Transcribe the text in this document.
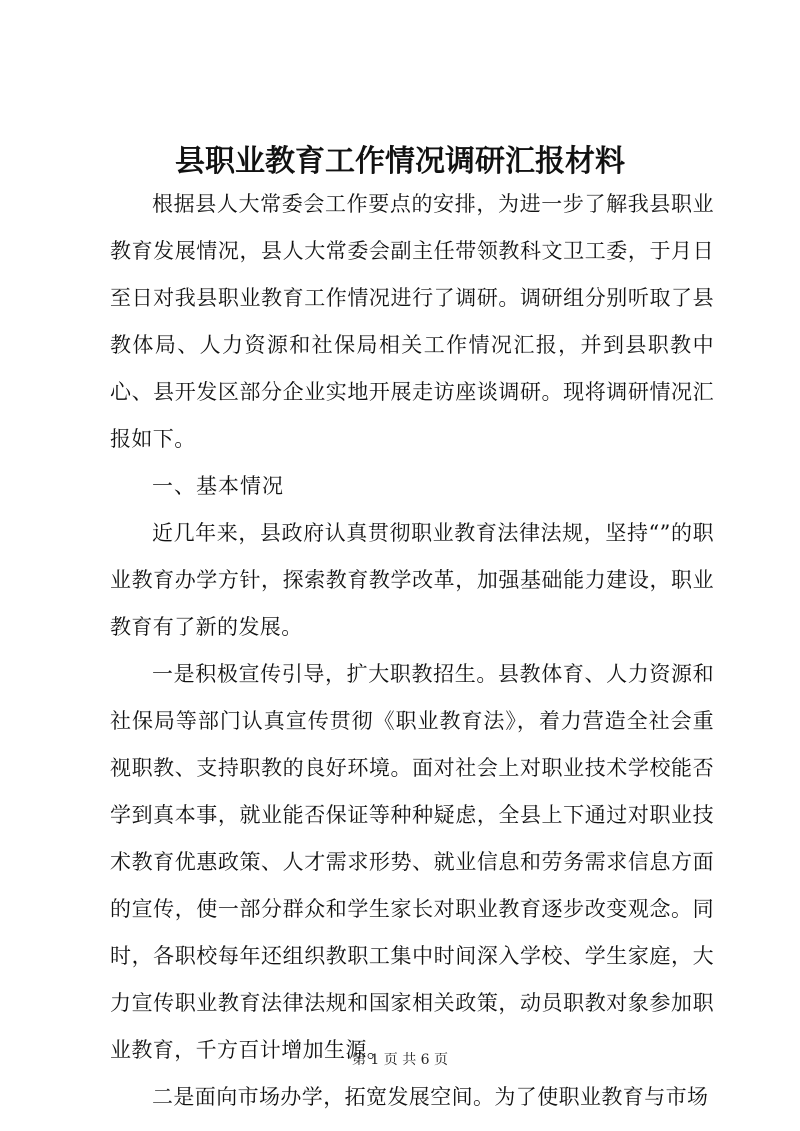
县职业教育工作情况调研汇报材料

根据县人大常委会工作要点的安排，为进一步了解我县职业教育发展情况，县人大常委会副主任带领教科文卫工委，于月日至日对我县职业教育工作情况进行了调研。调研组分别听取了县教体局、人力资源和社保局相关工作情况汇报，并到县职教中心、县开发区部分企业实地开展走访座谈调研。现将调研情况汇报如下。

一、基本情况

近几年来，县政府认真贯彻职业教育法律法规，坚持“”的职业教育办学方针，探索教育教学改革，加强基础能力建设，职业教育有了新的发展。

一是积极宣传引导，扩大职教招生。县教体育、人力资源和社保局等部门认真宣传贯彻《职业教育法》，着力营造全社会重视职教、支持职教的良好环境。面对社会上对职业技术学校能否学到真本事，就业能否保证等种种疑虑，全县上下通过对职业技术教育优惠政策、人才需求形势、就业信息和劳务需求信息方面的宣传，使一部分群众和学生家长对职业教育逐步改变观念。同时，各职校每年还组织教职工集中时间深入学校、学生家庭，大力宣传职业教育法律法规和国家相关政策，动员职教对象参加职业教育，千方百计增加生源。

二是面向市场办学，拓宽发展空间。为了使职业教育与市场

第 1 页 共 6 页
